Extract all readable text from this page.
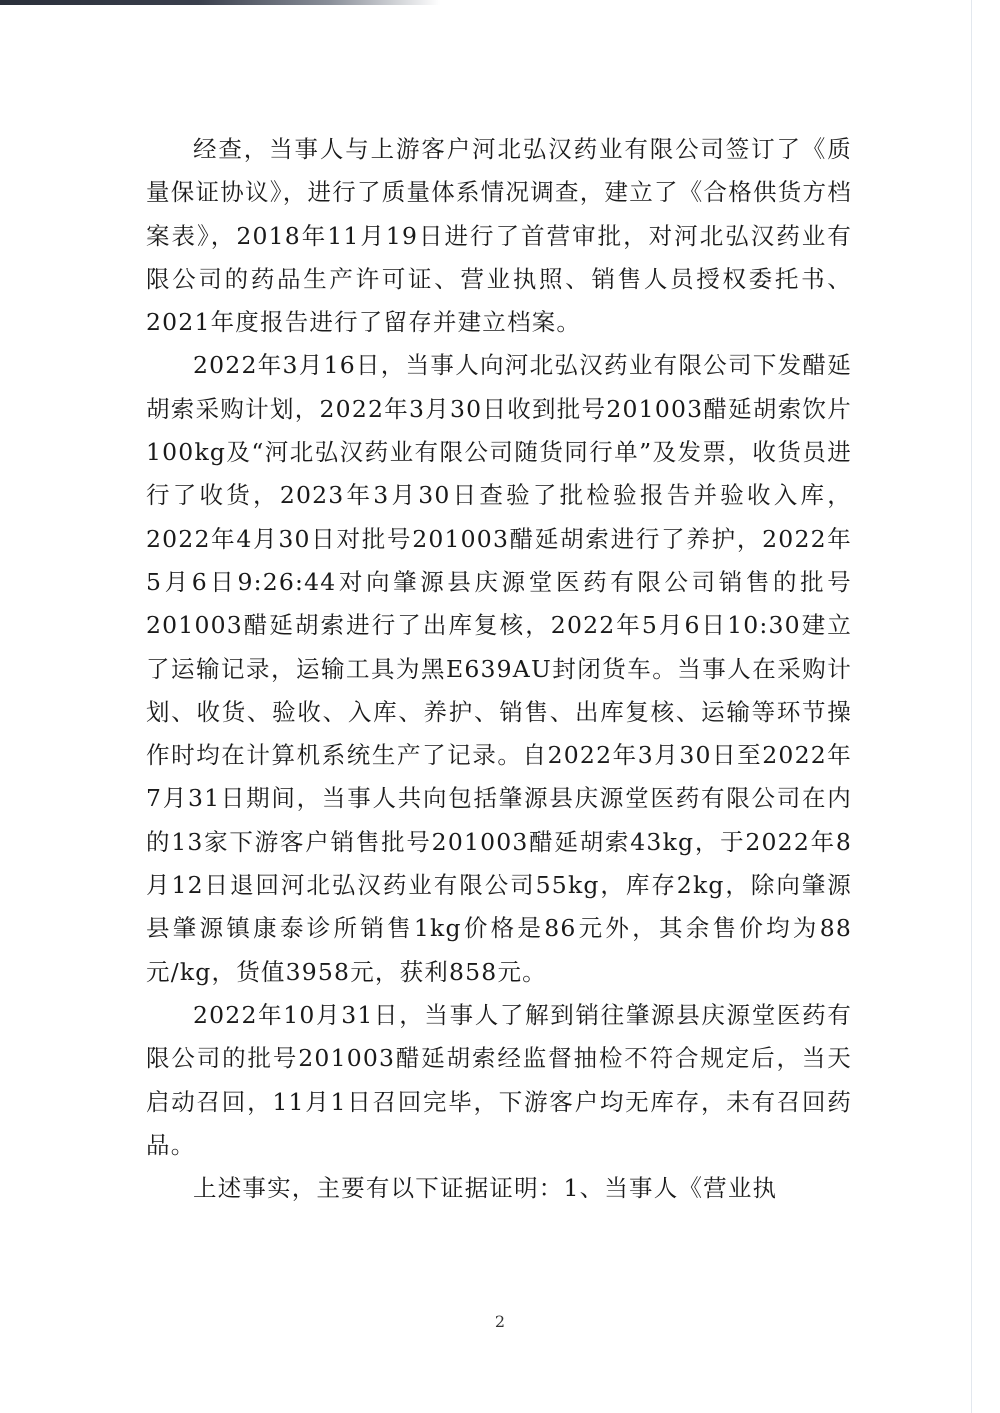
经查，当事人与上游客户河北弘汉药业有限公司签订了《质量保证协议》，进行了质量体系情况调查，建立了《合格供货方档案表》，2018年11月19日进行了首营审批，对河北弘汉药业有限公司的药品生产许可证、营业执照、销售人员授权委托书、2021年度报告进行了留存并建立档案。

2022年3月16日，当事人向河北弘汉药业有限公司下发醋延胡索采购计划，2022年3月30日收到批号201003醋延胡索饮片100kg及“河北弘汉药业有限公司随货同行单”及发票，收货员进行了收货，2023年3月30日查验了批检验报告并验收入库，2022年4月30日对批号201003醋延胡索进行了养护，2022年5月6日9:26:44对向肇源县庆源堂医药有限公司销售的批号201003醋延胡索进行了出库复核，2022年5月6日10:30建立了运输记录，运输工具为黑E639AU封闭货车。当事人在采购计划、收货、验收、入库、养护、销售、出库复核、运输等环节操作时均在计算机系统生产了记录。自2022年3月30日至2022年7月31日期间，当事人共向包括肇源县庆源堂医药有限公司在内的13家下游客户销售批号201003醋延胡索43kg，于2022年8月12日退回河北弘汉药业有限公司55kg，库存2kg，除向肇源县肇源镇康泰诊所销售1kg价格是86元外，其余售价均为88元/kg，货值3958元，获利858元。

2022年10月31日，当事人了解到销往肇源县庆源堂医药有限公司的批号201003醋延胡索经监督抽检不符合规定后，当天启动召回，11月1日召回完毕，下游客户均无库存，未有召回药品。

上述事实，主要有以下证据证明：1、当事人《营业执

2
